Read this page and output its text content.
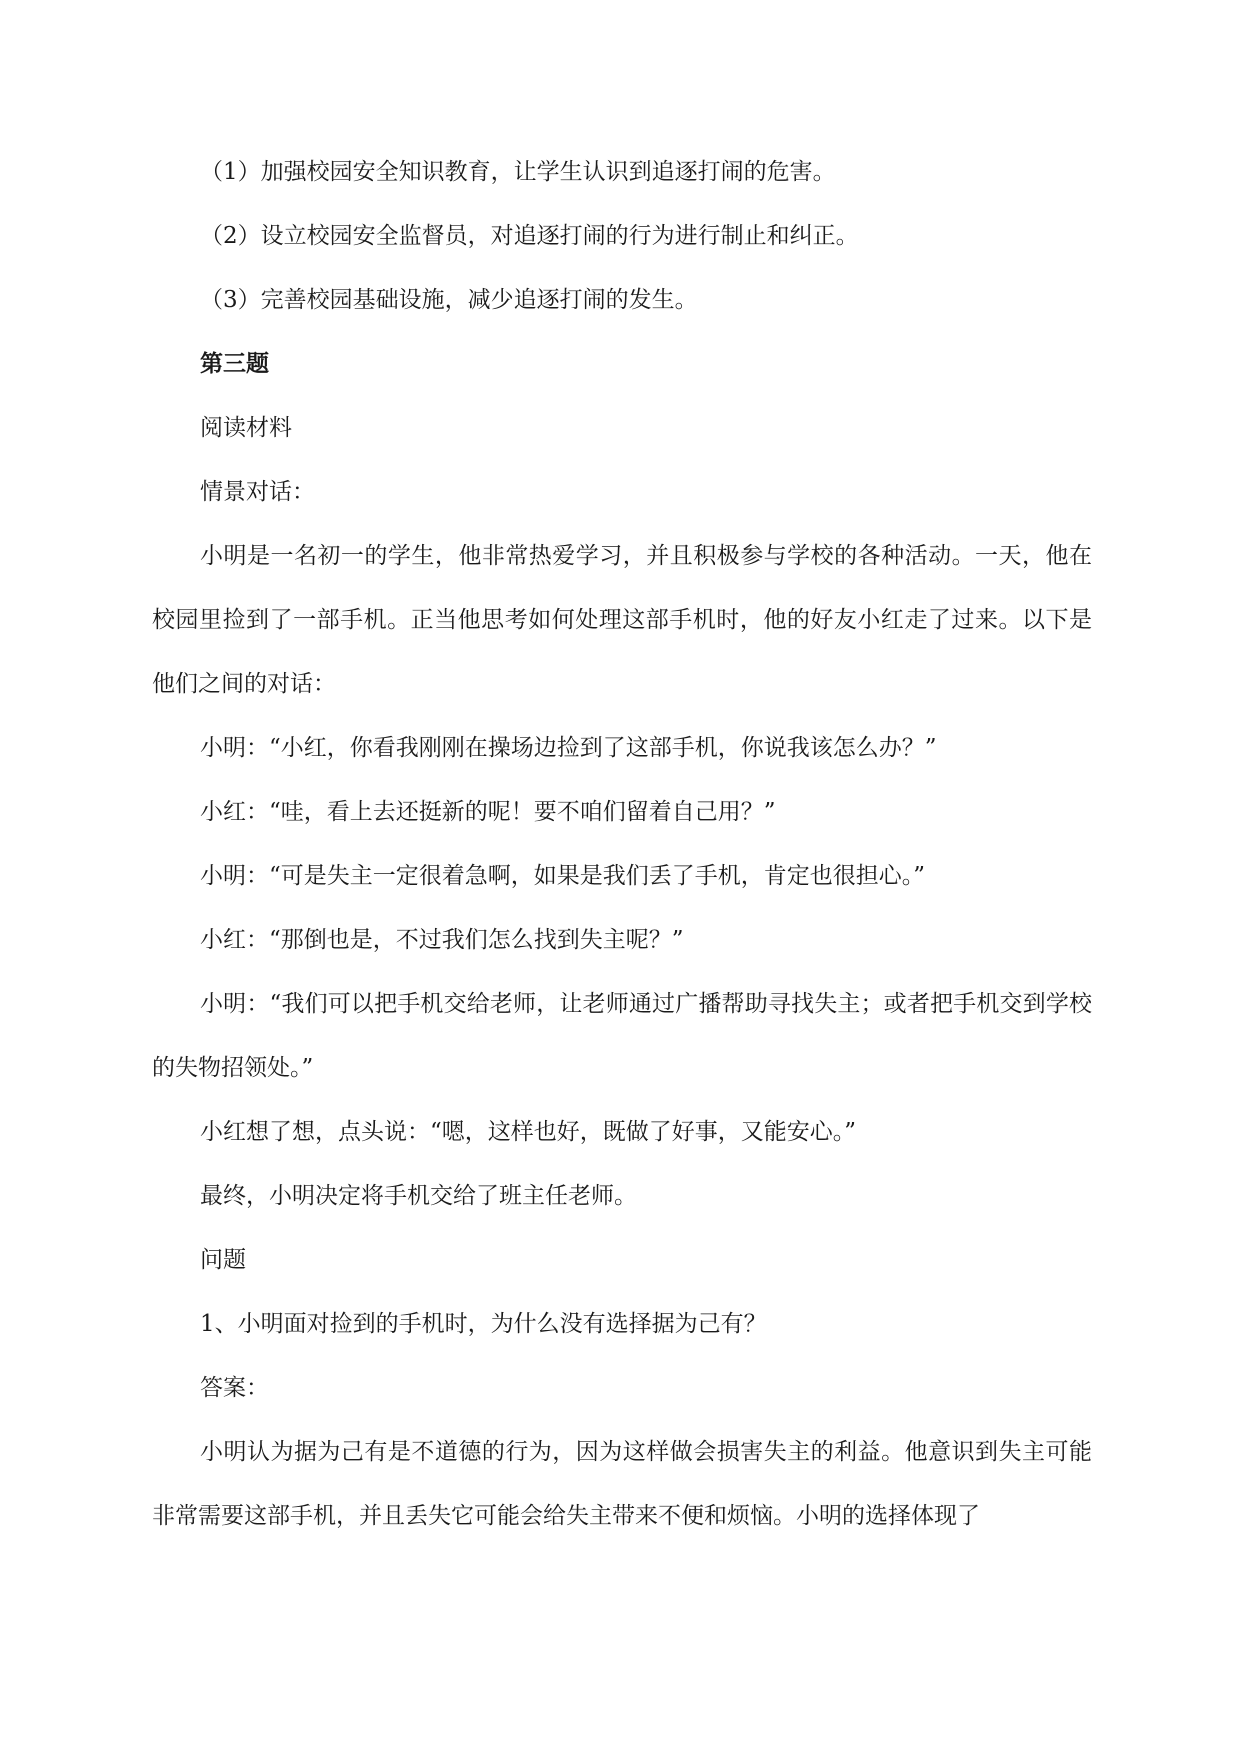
（1）加强校园安全知识教育，让学生认识到追逐打闹的危害。

（2）设立校园安全监督员，对追逐打闹的行为进行制止和纠正。

（3）完善校园基础设施，减少追逐打闹的发生。

第三题

阅读材料

情景对话：

小明是一名初一的学生，他非常热爱学习，并且积极参与学校的各种活动。一天，他在校园里捡到了一部手机。正当他思考如何处理这部手机时，他的好友小红走了过来。以下是他们之间的对话：

小明：“小红，你看我刚刚在操场边捡到了这部手机，你说我该怎么办？”

小红：“哇，看上去还挺新的呢！要不咱们留着自己用？”

小明：“可是失主一定很着急啊，如果是我们丢了手机，肯定也很担心。”

小红：“那倒也是，不过我们怎么找到失主呢？”

小明：“我们可以把手机交给老师，让老师通过广播帮助寻找失主；或者把手机交到学校的失物招领处。”

小红想了想，点头说：“嗯，这样也好，既做了好事，又能安心。”

最终，小明决定将手机交给了班主任老师。

问题

1、小明面对捡到的手机时，为什么没有选择据为己有？

答案：

小明认为据为己有是不道德的行为，因为这样做会损害失主的利益。他意识到失主可能非常需要这部手机，并且丢失它可能会给失主带来不便和烦恼。小明的选择体现了
